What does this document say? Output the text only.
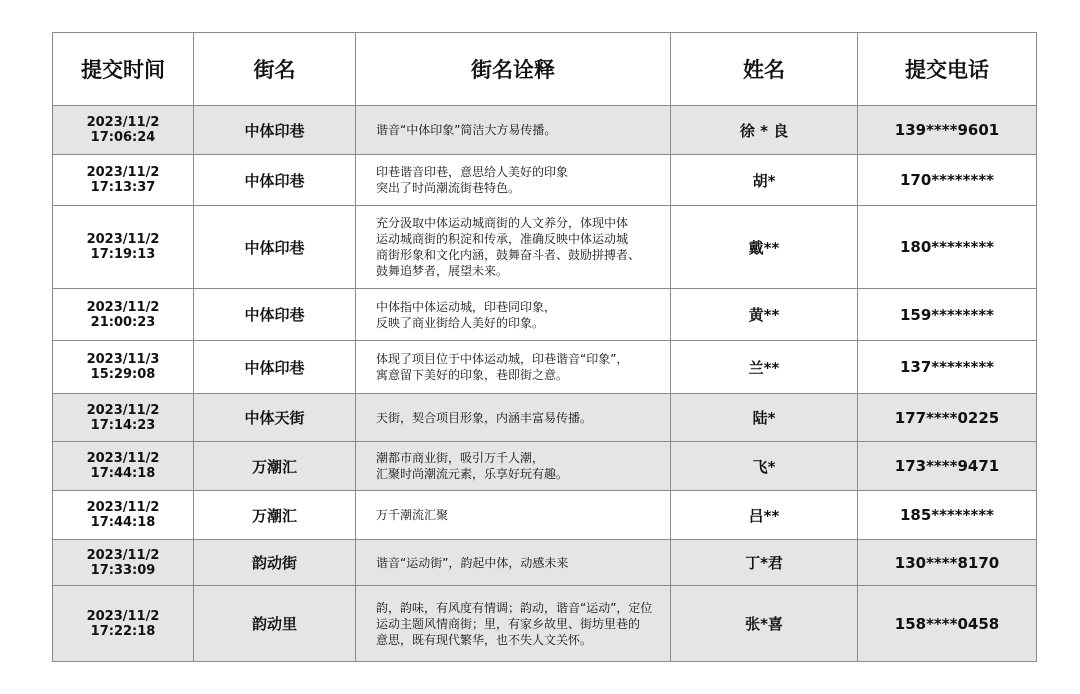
提交时间	街名	街名诠释	姓名	提交电话
2023/11/2 17:06:24	中体印巷	谐音“中体印象”简洁大方易传播。	徐 * 良	139****9601
2023/11/2 17:13:37	中体印巷	印巷谐音印巷，意思给人美好的印象
突出了时尚潮流街巷特色。	胡*	170********
2023/11/2 17:19:13	中体印巷	充分汲取中体运动城商街的人文养分，体现中体
运动城商街的积淀和传承，准确反映中体运动城
商街形象和文化内涵，鼓舞奋斗者、鼓励拼搏者、
鼓舞追梦者，展望未来。	戴**	180********
2023/11/2 21:00:23	中体印巷	中体指中体运动城，印巷同印象，
反映了商业街给人美好的印象。	黄**	159********
2023/11/3 15:29:08	中体印巷	体现了项目位于中体运动城，印巷谐音“印象”，
寓意留下美好的印象，巷即街之意。	兰**	137********
2023/11/2 17:14:23	中体天街	天街，契合项目形象，内涵丰富易传播。	陆*	177****0225
2023/11/2 17:44:18	万潮汇	潮都市商业街，吸引万千人潮，
汇聚时尚潮流元素，乐享好玩有趣。	飞*	173****9471
2023/11/2 17:44:18	万潮汇	万千潮流汇聚	吕**	185********
2023/11/2 17:33:09	韵动街	谐音“运动街”，韵起中体，动感未来	丁*君	130****8170
2023/11/2 17:22:18	韵动里	韵，韵味，有风度有情调；韵动，谐音“运动”，定位
运动主题风情商街；里，有家乡故里、街坊里巷的
意思，既有现代繁华，也不失人文关怀。	张*喜	158****0458
